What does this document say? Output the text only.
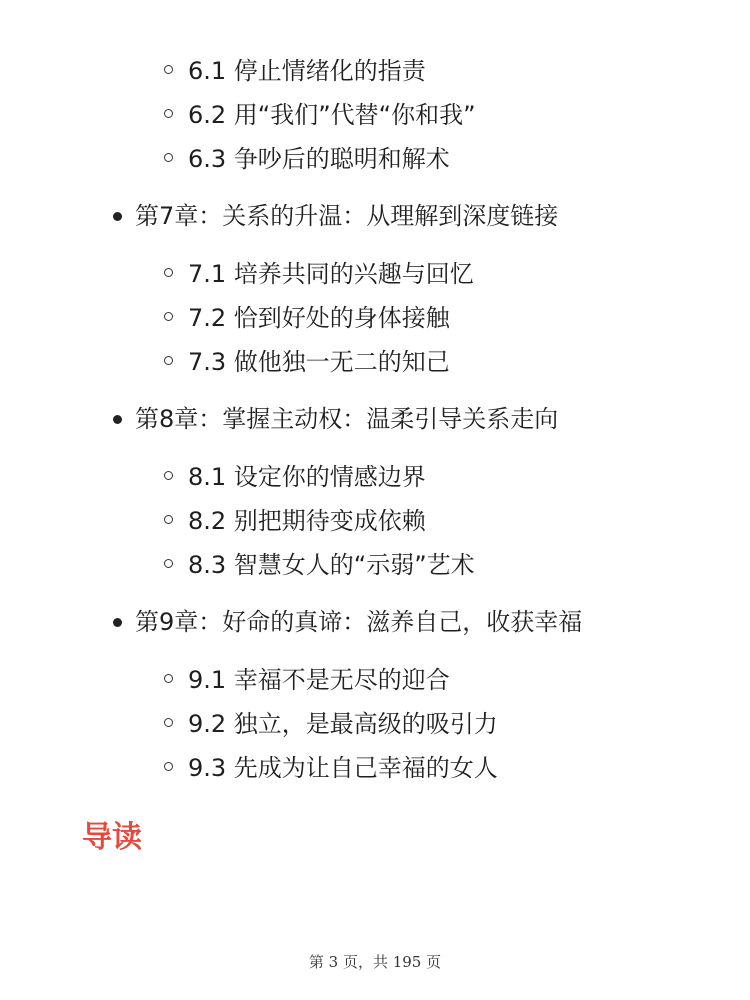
6.1 停止情绪化的指责
6.2 用“我们”代替“你和我”
6.3 争吵后的聪明和解术
第7章：关系的升温：从理解到深度链接
7.1 培养共同的兴趣与回忆
7.2 恰到好处的身体接触
7.3 做他独一无二的知己
第8章：掌握主动权：温柔引导关系走向
8.1 设定你的情感边界
8.2 别把期待变成依赖
8.3 智慧女人的“示弱”艺术
第9章：好命的真谛：滋养自己，收获幸福
9.1 幸福不是无尽的迎合
9.2 独立，是最高级的吸引力
9.3 先成为让自己幸福的女人
导读
第 3 页，共 195 页
